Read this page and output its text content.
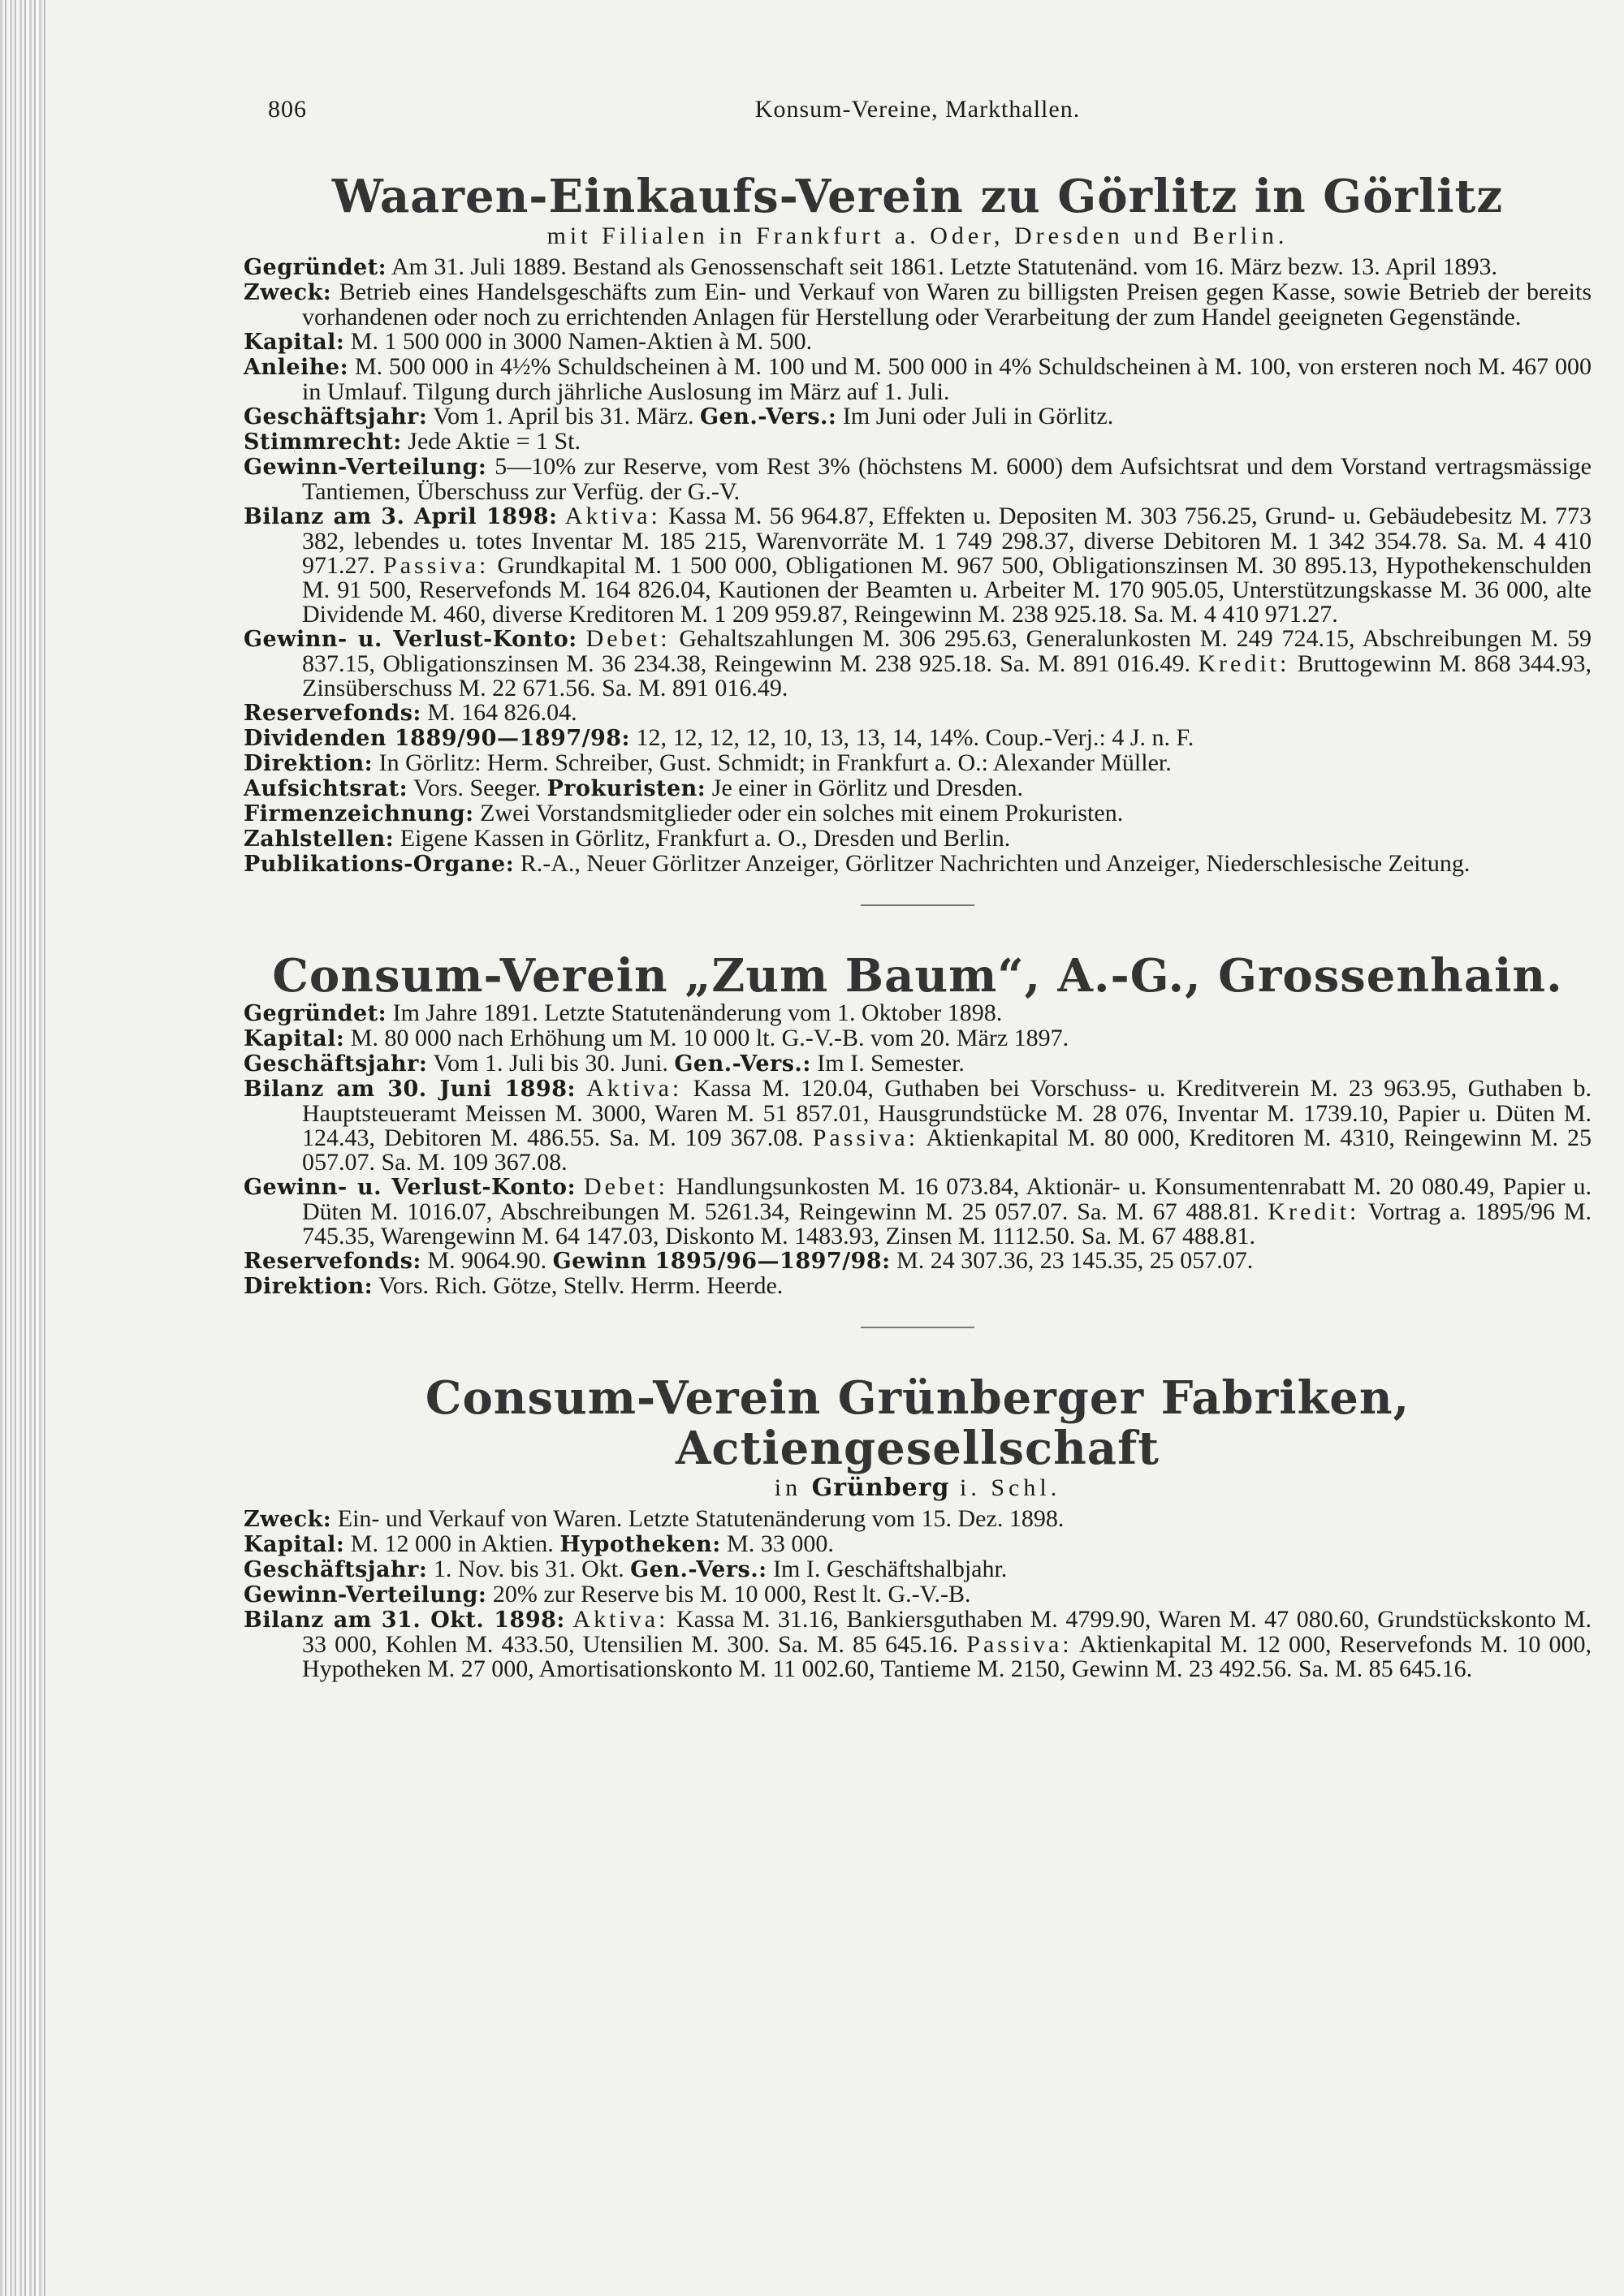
806	Konsum-Vereine, Markthallen.
Waaren-Einkaufs-Verein zu Görlitz in Görlitz
mit Filialen in Frankfurt a. Oder, Dresden und Berlin.

Gegründet: Am 31. Juli 1889. Bestand als Genossenschaft seit 1861. Letzte Statutenänd. vom 16. März bezw. 13. April 1893.

Zweck: Betrieb eines Handelsgeschäfts zum Ein- und Verkauf von Waren zu billigsten Preisen gegen Kasse, sowie Betrieb der bereits vorhandenen oder noch zu errichtenden Anlagen für Herstellung oder Verarbeitung der zum Handel geeigneten Gegenstände.

Kapital: M. 1 500 000 in 3000 Namen-Aktien à M. 500.

Anleihe: M. 500 000 in 4½% Schuldscheinen à M. 100 und M. 500 000 in 4% Schuldscheinen à M. 100, von ersteren noch M. 467 000 in Umlauf. Tilgung durch jährliche Auslosung im März auf 1. Juli.

Geschäftsjahr: Vom 1. April bis 31. März. Gen.-Vers.: Im Juni oder Juli in Görlitz.

Stimmrecht: Jede Aktie = 1 St.

Gewinn-Verteilung: 5—10% zur Reserve, vom Rest 3% (höchstens M. 6000) dem Aufsichtsrat und dem Vorstand vertragsmässige Tantiemen, Überschuss zur Verfüg. der G.-V.

Bilanz am 3. April 1898: Aktiva: Kassa M. 56 964.87, Effekten u. Depositen M. 303 756.25, Grund- u. Gebäudebesitz M. 773 382, lebendes u. totes Inventar M. 185 215, Warenvorräte M. 1 749 298.37, diverse Debitoren M. 1 342 354.78. Sa. M. 4 410 971.27. Passiva: Grundkapital M. 1 500 000, Obligationen M. 967 500, Obligationszinsen M. 30 895.13, Hypothekenschulden M. 91 500, Reservefonds M. 164 826.04, Kautionen der Beamten u. Arbeiter M. 170 905.05, Unterstützungskasse M. 36 000, alte Dividende M. 460, diverse Kreditoren M. 1 209 959.87, Reingewinn M. 238 925.18. Sa. M. 4 410 971.27.

Gewinn- u. Verlust-Konto: Debet: Gehaltszahlungen M. 306 295.63, Generalunkosten M. 249 724.15, Abschreibungen M. 59 837.15, Obligationszinsen M. 36 234.38, Reingewinn M. 238 925.18. Sa. M. 891 016.49. Kredit: Bruttogewinn M. 868 344.93, Zinsüberschuss M. 22 671.56. Sa. M. 891 016.49.

Reservefonds: M. 164 826.04.

Dividenden 1889/90—1897/98: 12, 12, 12, 12, 10, 13, 13, 14, 14%. Coup.-Verj.: 4 J. n. F.

Direktion: In Görlitz: Herm. Schreiber, Gust. Schmidt; in Frankfurt a. O.: Alexander Müller.

Aufsichtsrat: Vors. Seeger. Prokuristen: Je einer in Görlitz und Dresden.

Firmenzeichnung: Zwei Vorstandsmitglieder oder ein solches mit einem Prokuristen.

Zahlstellen: Eigene Kassen in Görlitz, Frankfurt a. O., Dresden und Berlin.

Publikations-Organe: R.-A., Neuer Görlitzer Anzeiger, Görlitzer Nachrichten und Anzeiger, Niederschlesische Zeitung.

Consum-Verein „Zum Baum“, A.-G., Grossenhain.

Gegründet: Im Jahre 1891. Letzte Statutenänderung vom 1. Oktober 1898.

Kapital: M. 80 000 nach Erhöhung um M. 10 000 lt. G.-V.-B. vom 20. März 1897.

Geschäftsjahr: Vom 1. Juli bis 30. Juni. Gen.-Vers.: Im I. Semester.

Bilanz am 30. Juni 1898: Aktiva: Kassa M. 120.04, Guthaben bei Vorschuss- u. Kreditverein M. 23 963.95, Guthaben b. Hauptsteueramt Meissen M. 3000, Waren M. 51 857.01, Hausgrundstücke M. 28 076, Inventar M. 1739.10, Papier u. Düten M. 124.43, Debitoren M. 486.55. Sa. M. 109 367.08. Passiva: Aktienkapital M. 80 000, Kreditoren M. 4310, Reingewinn M. 25 057.07. Sa. M. 109 367.08.

Gewinn- u. Verlust-Konto: Debet: Handlungsunkosten M. 16 073.84, Aktionär- u. Konsumentenrabatt M. 20 080.49, Papier u. Düten M. 1016.07, Abschreibungen M. 5261.34, Reingewinn M. 25 057.07. Sa. M. 67 488.81. Kredit: Vortrag a. 1895/96 M. 745.35, Warengewinn M. 64 147.03, Diskonto M. 1483.93, Zinsen M. 1112.50. Sa. M. 67 488.81.

Reservefonds: M. 9064.90. Gewinn 1895/96—1897/98: M. 24 307.36, 23 145.35, 25 057.07.

Direktion: Vors. Rich. Götze, Stellv. Herrm. Heerde.

Consum-Verein Grünberger Fabriken, Actiengesellschaft
in Grünberg i. Schl.

Zweck: Ein- und Verkauf von Waren. Letzte Statutenänderung vom 15. Dez. 1898.

Kapital: M. 12 000 in Aktien. Hypotheken: M. 33 000.

Geschäftsjahr: 1. Nov. bis 31. Okt. Gen.-Vers.: Im I. Geschäftshalbjahr.

Gewinn-Verteilung: 20% zur Reserve bis M. 10 000, Rest lt. G.-V.-B.

Bilanz am 31. Okt. 1898: Aktiva: Kassa M. 31.16, Bankiersguthaben M. 4799.90, Waren M. 47 080.60, Grundstückskonto M. 33 000, Kohlen M. 433.50, Utensilien M. 300. Sa. M. 85 645.16. Passiva: Aktienkapital M. 12 000, Reservefonds M. 10 000, Hypotheken M. 27 000, Amortisationskonto M. 11 002.60, Tantieme M. 2150, Gewinn M. 23 492.56. Sa. M. 85 645.16.
